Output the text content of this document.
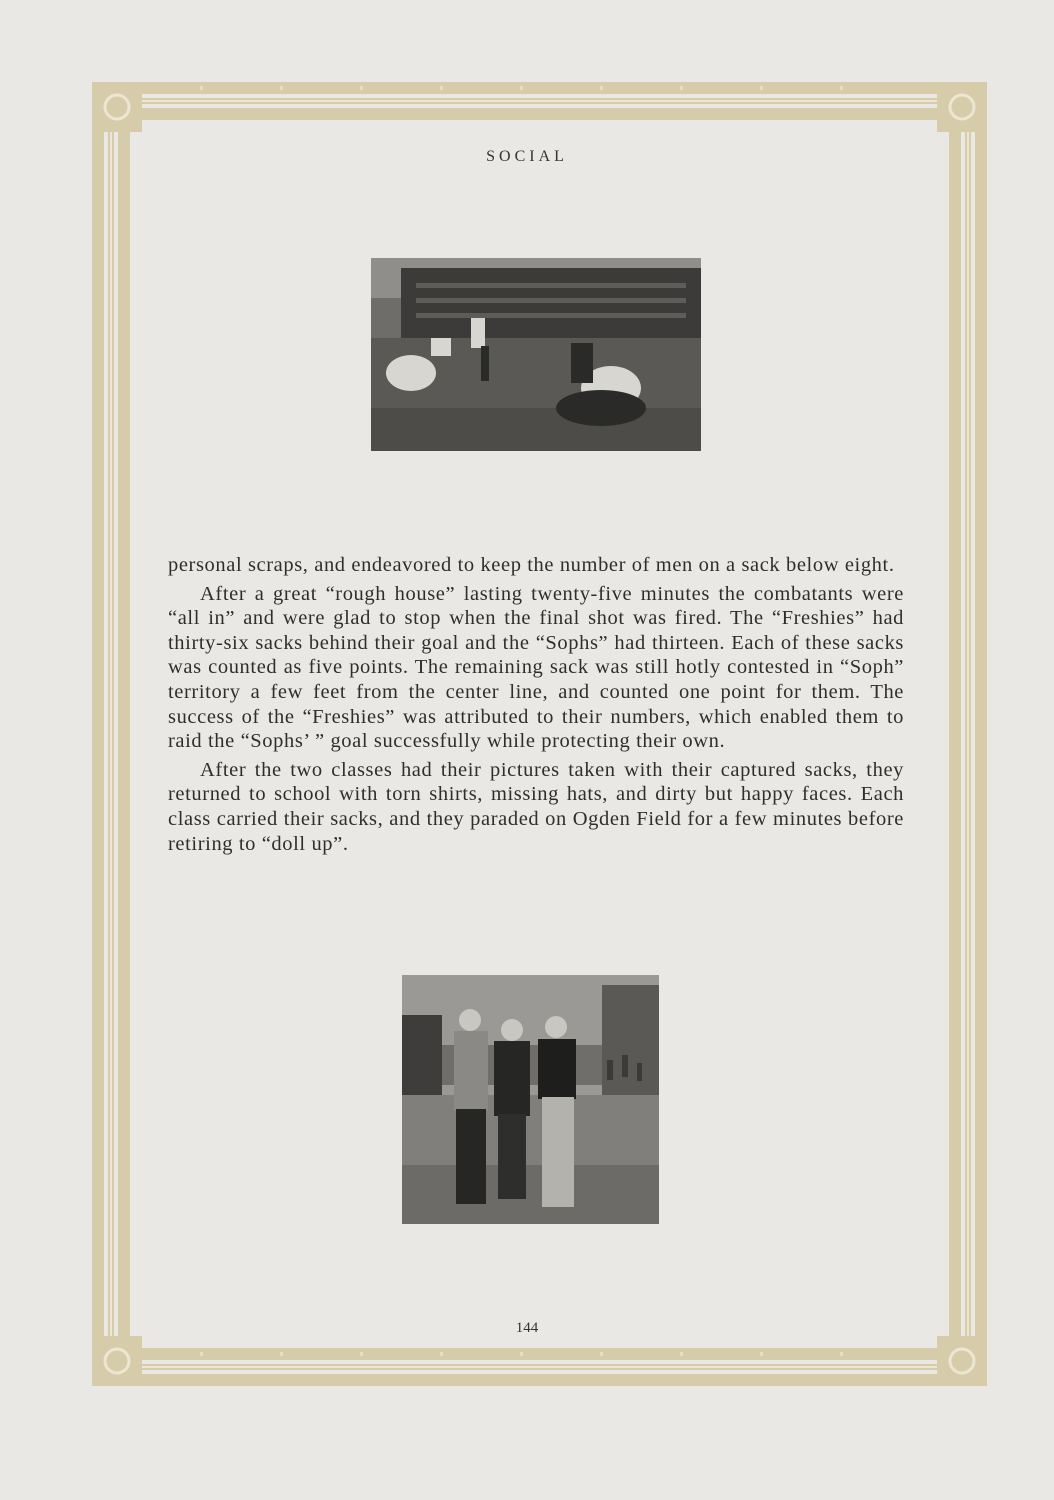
SOCIAL

personal scraps, and endeavored to keep the number of men on a sack below eight.

After a great “rough house” lasting twenty-five minutes the combatants were “all in” and were glad to stop when the final shot was fired. The “Freshies” had thirty-six sacks behind their goal and the “Sophs” had thirteen. Each of these sacks was counted as five points. The remaining sack was still hotly contested in “Soph” territory a few feet from the center line, and counted one point for them. The success of the “Freshies” was attributed to their numbers, which enabled them to raid the “Sophs’ ” goal successfully while protecting their own.

After the two classes had their pictures taken with their captured sacks, they returned to school with torn shirts, missing hats, and dirty but happy faces. Each class carried their sacks, and they paraded on Ogden Field for a few minutes before retiring to “doll up”.

144
